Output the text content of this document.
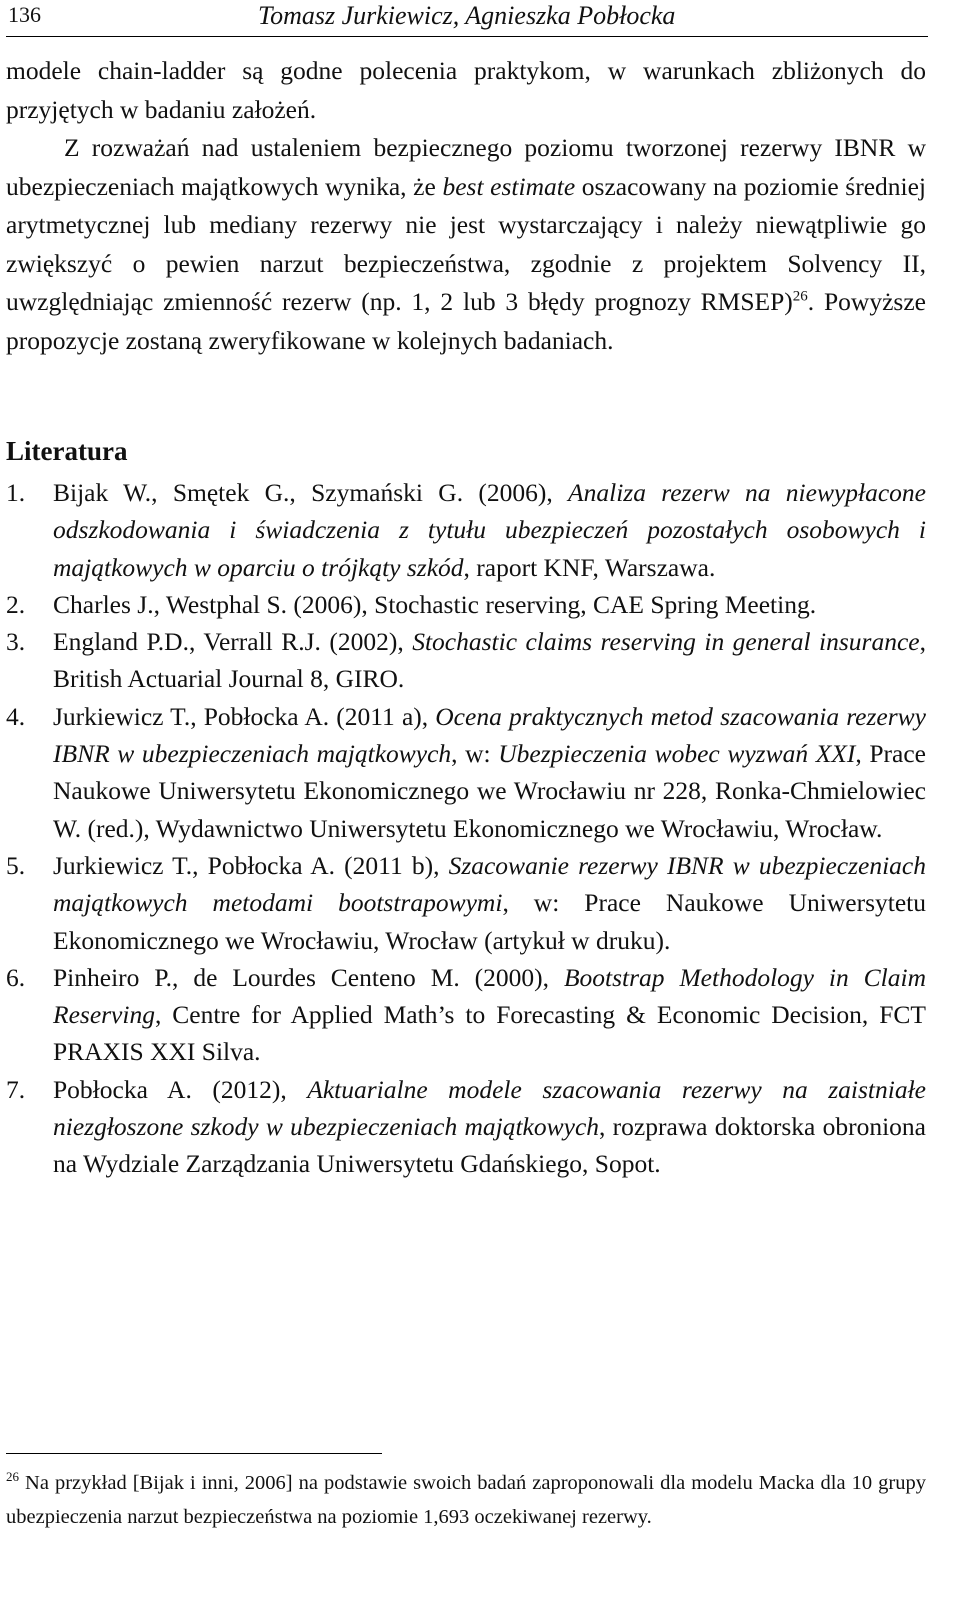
136	Tomasz Jurkiewicz, Agnieszka Pobłocka

modele chain-ladder są godne polecenia praktykom, w warunkach zbliżonych do przyjętych w badaniu założeń.

Z rozważań nad ustaleniem bezpiecznego poziomu tworzonej rezerwy IBNR w ubezpieczeniach majątkowych wynika, że best estimate oszacowany na poziomie średniej arytmetycznej lub mediany rezerwy nie jest wystarczający i należy niewątpliwie go zwiększyć o pewien narzut bezpieczeństwa, zgodnie z projektem Solvency II, uwzględniając zmienność rezerw (np. 1, 2 lub 3 błędy prognozy RMSEP)$^{26}$. Powyższe propozycje zostaną zweryfikowane w kolejnych badaniach.

Literatura
1. Bijak W., Smętek G., Szymański G. (2006), Analiza rezerw na niewypłacone odszkodowania i świadczenia z tytułu ubezpieczeń pozostałych osobowych i majątkowych w oparciu o trójkąty szkód, raport KNF, Warszawa.
2. Charles J., Westphal S. (2006), Stochastic reserving, CAE Spring Meeting.
3. England P.D., Verrall R.J. (2002), Stochastic claims reserving in general insurance, British Actuarial Journal 8, GIRO.
4. Jurkiewicz T., Pobłocka A. (2011 a), Ocena praktycznych metod szacowania rezerwy IBNR w ubezpieczeniach majątkowych, w: Ubezpieczenia wobec wyzwań XXI, Prace Naukowe Uniwersytetu Ekonomicznego we Wrocławiu nr 228, Ronka-Chmielowiec W. (red.), Wydawnictwo Uniwersytetu Ekonomicznego we Wrocławiu, Wrocław.
5. Jurkiewicz T., Pobłocka A. (2011 b), Szacowanie rezerwy IBNR w ubezpieczeniach majątkowych metodami bootstrapowymi, w: Prace Naukowe Uniwersytetu Ekonomicznego we Wrocławiu, Wrocław (artykuł w druku).
6. Pinheiro P., de Lourdes Centeno M. (2000), Bootstrap Methodology in Claim Reserving, Centre for Applied Math’s to Forecasting & Economic Decision, FCT PRAXIS XXI Silva.
7. Pobłocka A. (2012), Aktuarialne modele szacowania rezerwy na zaistniałe niezgłoszone szkody w ubezpieczeniach majątkowych, rozprawa doktorska obroniona na Wydziale Zarządzania Uniwersytetu Gdańskiego, Sopot.
$^{26}$ Na przykład [Bijak i inni, 2006] na podstawie swoich badań zaproponowali dla modelu Macka dla 10 grupy ubezpieczenia narzut bezpieczeństwa na poziomie 1,693 oczekiwanej rezerwy.
